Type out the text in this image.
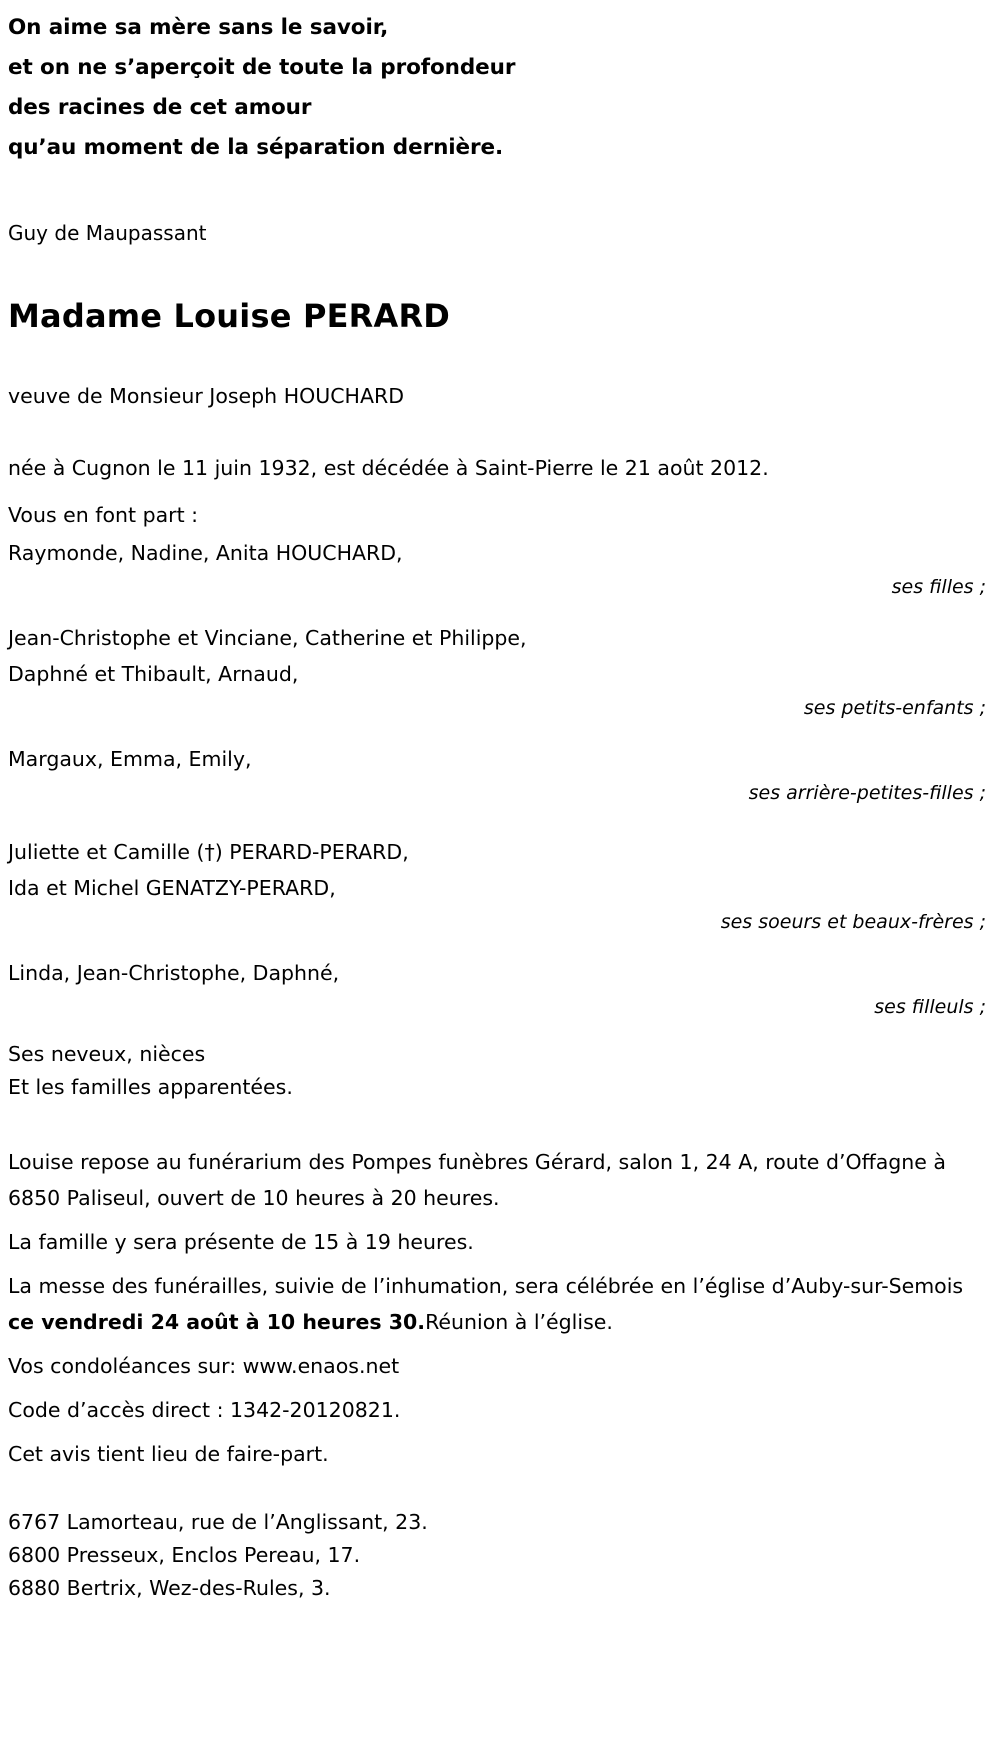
On aime sa mère sans le savoir,
et on ne s’aperçoit de toute la profondeur
des racines de cet amour
qu’au moment de la séparation dernière.
Guy de Maupassant
Madame Louise PERARD
veuve de Monsieur Joseph HOUCHARD
née à Cugnon le 11 juin 1932, est décédée à Saint-Pierre le 21 août 2012.
Vous en font part :
Raymonde, Nadine, Anita HOUCHARD,
ses filles ;
Jean-Christophe et Vinciane, Catherine et Philippe,
Daphné et Thibault, Arnaud,
ses petits-enfants ;
Margaux, Emma, Emily,
ses arrière-petites-filles ;
Juliette et Camille (†) PERARD-PERARD,
Ida et Michel GENATZY-PERARD,
ses soeurs et beaux-frères ;
Linda, Jean-Christophe, Daphné,
ses filleuls ;
Ses neveux, nièces
Et les familles apparentées.
Louise repose au funérarium des Pompes funèbres Gérard, salon 1, 24 A, route d’Offagne à 6850 Paliseul, ouvert de 10 heures à 20 heures.
La famille y sera présente de 15 à 19 heures.
La messe des funérailles, suivie de l’inhumation, sera célébrée en l’église d’Auby-sur-Semois ce vendredi 24 août à 10 heures 30.Réunion à l’église.
Vos condoléances sur: www.enaos.net
Code d’accès direct : 1342-20120821.
Cet avis tient lieu de faire-part.
6767 Lamorteau, rue de l’Anglissant, 23.
6800 Presseux, Enclos Pereau, 17.
6880 Bertrix, Wez-des-Rules, 3.
